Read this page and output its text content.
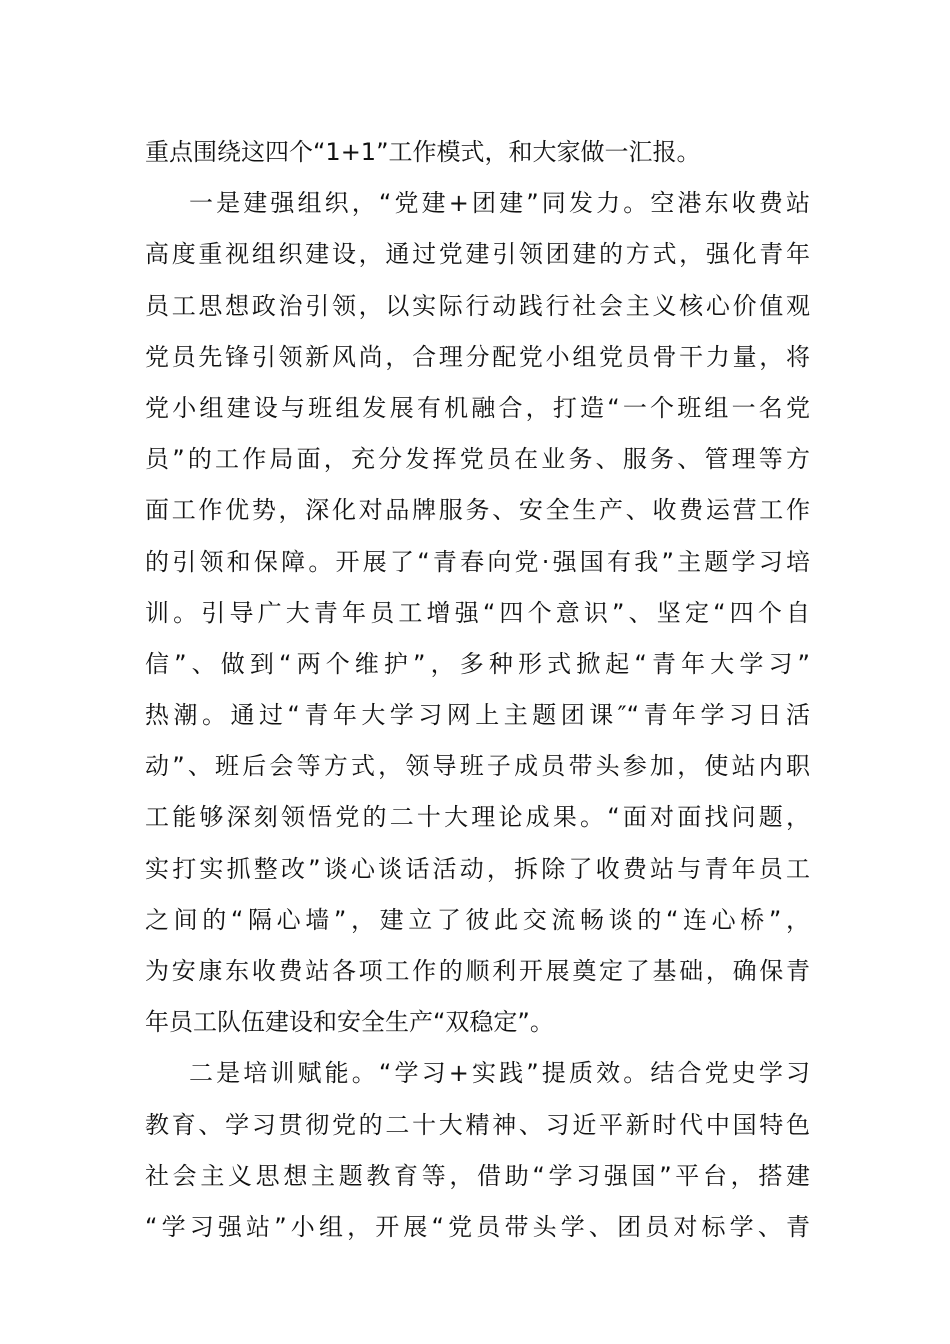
重点围绕这四个“1+1”工作模式，和大家做一汇报。
一是建强组织，“党建+团建”同发力。空港东收费站
高度重视组织建设，通过党建引领团建的方式，强化青年
员工思想政治引领，以实际行动践行社会主义核心价值观
党员先锋引领新风尚，合理分配党小组党员骨干力量，将
党小组建设与班组发展有机融合，打造“一个班组一名党
员”的工作局面，充分发挥党员在业务、服务、管理等方
面工作优势，深化对品牌服务、安全生产、收费运营工作
的引领和保障。开展了“青春向党·强国有我”主题学习培
训。引导广大青年员工增强“四个意识”、坚定“四个自
信”、做到“两个维护”，多种形式掀起“青年大学习”
热潮。通过“青年大学习网上主题团课″“青年学习日活
动”、班后会等方式，领导班子成员带头参加，使站内职
工能够深刻领悟党的二十大理论成果。“面对面找问题，
实打实抓整改”谈心谈话活动，拆除了收费站与青年员工
之间的“隔心墙”，建立了彼此交流畅谈的“连心桥”，
为安康东收费站各项工作的顺利开展奠定了基础，确保青
年员工队伍建设和安全生产“双稳定”。
二是培训赋能。“学习+实践”提质效。结合党史学习
教育、学习贯彻党的二十大精神、习近平新时代中国特色
社会主义思想主题教育等，借助“学习强国”平台，搭建
“学习强站”小组，开展“党员带头学、团员对标学、青
